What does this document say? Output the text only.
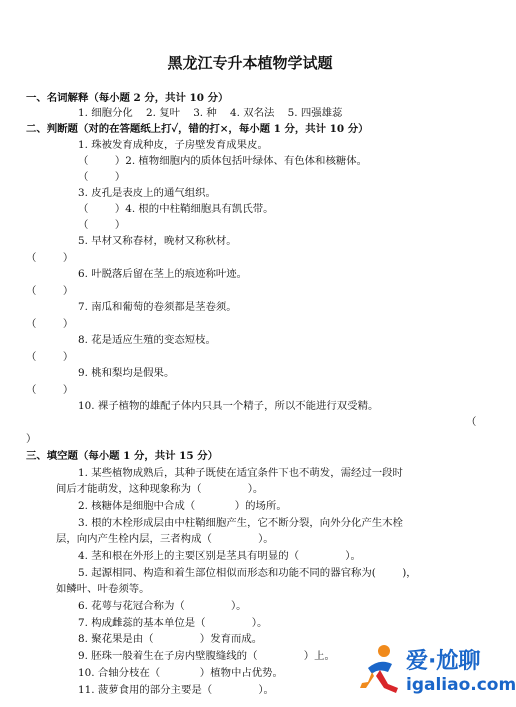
黑龙江专升本植物学试题
一、名词解释（每小题 2 分，共计 10 分）
1. 细胞分化    2. 复叶    3. 种    4. 双名法    5. 四强雄蕊
二、判断题（对的在答题纸上打✓，错的打×，每小题 1 分，共计 10 分）
1. 珠被发育成种皮，子房壁发育成果皮。
（        ）2. 植物细胞内的质体包括叶绿体、有色体和核糖体。
（        ）
3. 皮孔是表皮上的通气组织。
（        ）4. 根的中柱鞘细胞具有凯氏带。
（        ）
5. 早材又称春材，晚材又称秋材。
（        ）
6. 叶脱落后留在茎上的痕迹称叶迹。
（        ）
7. 南瓜和葡萄的卷须都是茎卷须。
（        ）
8. 花是适应生殖的变态短枝。
（        ）
9. 桃和梨均是假果。
（        ）
10. 裸子植物的雄配子体内只具一个精子，所以不能进行双受精。
（
）
三、填空题（每小题 1 分，共计 15 分）
1. 某些植物成熟后，其种子既使在适宜条件下也不萌发，需经过一段时
间后才能萌发，这种现象称为（              ）。
2. 核糖体是细胞中合成（            ）的场所。
3. 根的木栓形成层由中柱鞘细胞产生，它不断分裂，向外分化产生木栓
层，向内产生栓内层，三者构成（              ）。
4. 茎和根在外形上的主要区别是茎具有明显的（              ）。
5. 起源相同、构造和着生部位相似而形态和功能不同的器官称为(        )，
如鳞叶、叶卷须等。
6. 花萼与花冠合称为（              ）。
7. 构成雌蕊的基本单位是（              ）。
8. 聚花果是由（              ）发育而成。
9. 胚珠一般着生在子房内壁腹缝线的（              ）上。
10. 合轴分枝在（            ）植物中占优势。
11. 菠萝食用的部分主要是（              ）。
爱·尬聊
igaliao.com
